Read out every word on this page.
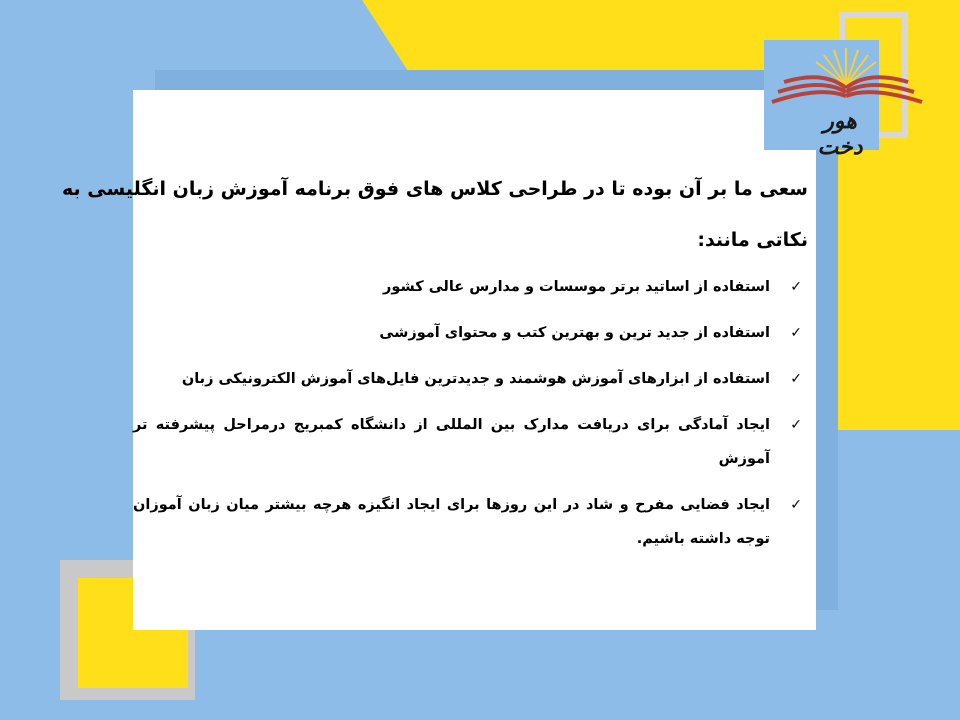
هور دخت

سعی ما بر آن بوده تا در طراحی کلاس های فوق برنامه آموزش زبان انگلیسی به
نکاتی مانند:

✓
استفاده از اساتید برتر موسسات و مدارس عالی کشور
✓
استفاده از جدید ترین و بهترین کتب و محتوای آموزشی
✓
استفاده از ابزارهای آموزش هوشمند و جدیدترین فایل‌های آموزش الکترونیکی زبان
✓
ایجاد آمادگی برای دریافت مدارک بین المللی از دانشگاه کمبریج درمراحل پیشرفته تر آموزش
✓
ایجاد فضایی مفرح و شاد در این روزها برای ایجاد انگیزه هرچه بیشتر میان زبان آموزان توجه داشته باشیم.
